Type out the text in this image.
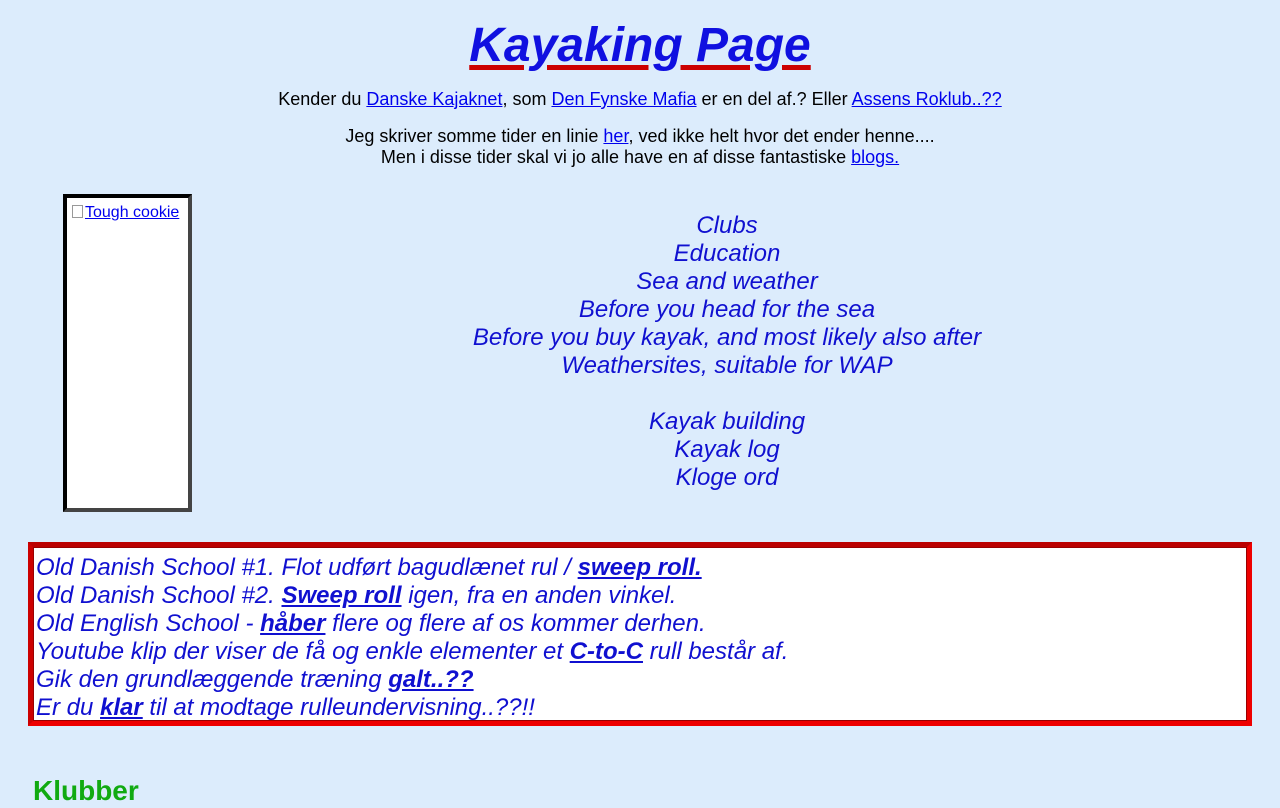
Kayaking Page
Kender du Danske Kajaknet, som Den Fynske Mafia er en del af.? Eller Assens Roklub..??
Jeg skriver somme tider en linie her, ved ikke helt hvor det ender henne....
Men i disse tider skal vi jo alle have en af disse fantastiske blogs.
Tough cookie	Clubs
Education
Sea and weather
Before you head for the sea
Before you buy kayak, and most likely also after
Weathersites, suitable for WAP
Kayak building
Kayak log
Kloge ord
Old Danish School #1. Flot udført bagudlænet rul / sweep roll.
Old Danish School #2. Sweep roll igen, fra en anden vinkel.
Old English School - håber flere og flere af os kommer derhen.
Youtube klip der viser de få og enkle elementer et C-to-C rull består af.
Gik den grundlæggende træning galt..??
Er du klar til at modtage rulleundervisning..??!!
Klubber
